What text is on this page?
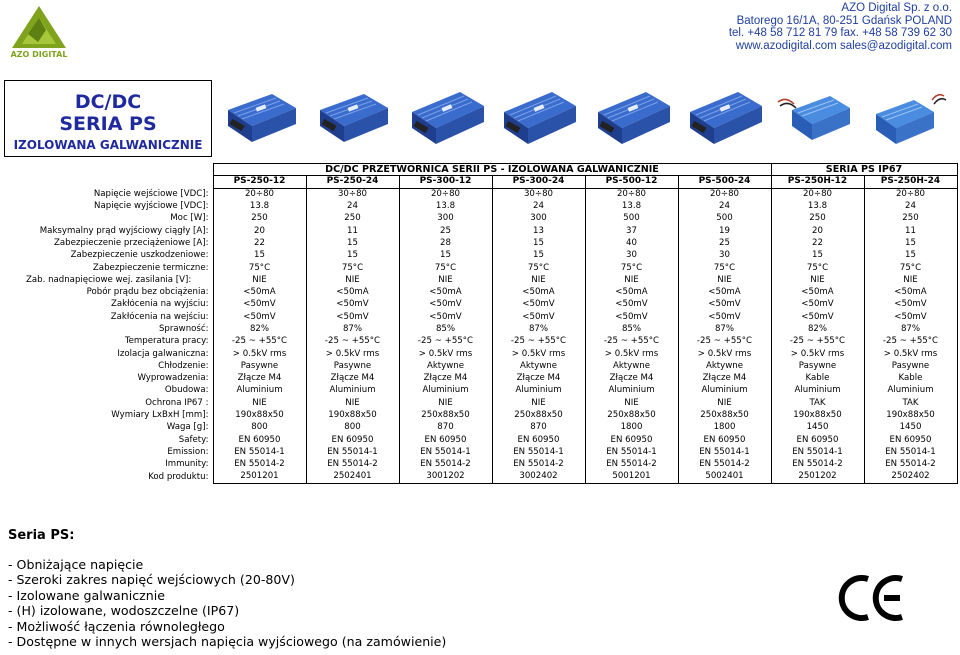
AZO DIGITAL
AZO Digital Sp. z o.o.
Batorego 16/1A, 80-251 Gdańsk POLAND
tel. +48 58 712 81 79 fax. +48 58 739 62 30
www.azodigital.com sales@azodigital.com
DC/DC
SERIA PS
IZOLOWANA GALWANICZNIE
	DC/DC PRZETWORNICA SERII PS - IZOLOWANA GALWANICZNIE						SERIA PS IP67	
	PS-250-12	PS-250-24	PS-300-12	PS-300-24	PS-500-12	PS-500-24	PS-250H-12	PS-250H-24
Napięcie wejściowe [VDC]:	20÷80	30÷80	20÷80	30÷80	20÷80	20÷80	20÷80	20÷80
Napięcie wyjściowe [VDC]:	13.8	24	13.8	24	13.8	24	13.8	24
Moc [W]:	250	250	300	300	500	500	250	250
Maksymalny prąd wyjściowy ciągły [A]:	20	11	25	13	37	19	20	11
Zabezpieczenie przeciążeniowe [A]:	22	15	28	15	40	25	22	15
Zabezpieczenie uszkodzeniowe:	15	15	15	15	30	30	15	15
Zabezpieczenie termiczne:	75°C	75°C	75°C	75°C	75°C	75°C	75°C	75°C
Zab. nadnapięciowe wej. zasilania [V]:	NIE	NIE	NIE	NIE	NIE	NIE	NIE	NIE
Pobór prądu bez obciążenia:	<50mA	<50mA	<50mA	<50mA	<50mA	<50mA	<50mA	<50mA
Zakłócenia na wyjściu:	<50mV	<50mV	<50mV	<50mV	<50mV	<50mV	<50mV	<50mV
Zakłócenia na wejściu:	<50mV	<50mV	<50mV	<50mV	<50mV	<50mV	<50mV	<50mV
Sprawność:	82%	87%	85%	87%	85%	87%	82%	87%
Temperatura pracy:	-25 ~ +55°C	-25 ~ +55°C	-25 ~ +55°C	-25 ~ +55°C	-25 ~ +55°C	-25 ~ +55°C	-25 ~ +55°C	-25 ~ +55°C
Izolacja galwaniczna:	> 0.5kV rms	> 0.5kV rms	> 0.5kV rms	> 0.5kV rms	> 0.5kV rms	> 0.5kV rms	> 0.5kV rms	> 0.5kV rms
Chłodzenie:	Pasywne	Pasywne	Aktywne	Aktywne	Aktywne	Aktywne	Pasywne	Pasywne
Wyprowadzenia:	Złącze M4	Złącze M4	Złącze M4	Złącze M4	Złącze M4	Złącze M4	Kable	Kable
Obudowa:	Aluminium	Aluminium	Aluminium	Aluminium	Aluminium	Aluminium	Aluminium	Aluminium
Ochrona IP67 :	NIE	NIE	NIE	NIE	NIE	NIE	TAK	TAK
Wymiary LxBxH [mm]:	190x88x50	190x88x50	250x88x50	250x88x50	250x88x50	250x88x50	190x88x50	190x88x50
Waga [g]:	800	800	870	870	1800	1800	1450	1450
Safety:	EN 60950	EN 60950	EN 60950	EN 60950	EN 60950	EN 60950	EN 60950	EN 60950
Emission:	EN 55014-1	EN 55014-1	EN 55014-1	EN 55014-1	EN 55014-1	EN 55014-1	EN 55014-1	EN 55014-1
Immunity:	EN 55014-2	EN 55014-2	EN 55014-2	EN 55014-2	EN 55014-2	EN 55014-2	EN 55014-2	EN 55014-2
Kod produktu:	2501201	2502401	3001202	3002402	5001201	5002401	2501202	2502402
Seria PS:
- Obniżające napięcie
- Szeroki zakres napięć wejściowych (20-80V)
- Izolowane galwanicznie
- (H) izolowane, wodoszczelne (IP67)
- Możliwość łączenia równoległego
- Dostępne w innych wersjach napięcia wyjściowego (na zamówienie)
